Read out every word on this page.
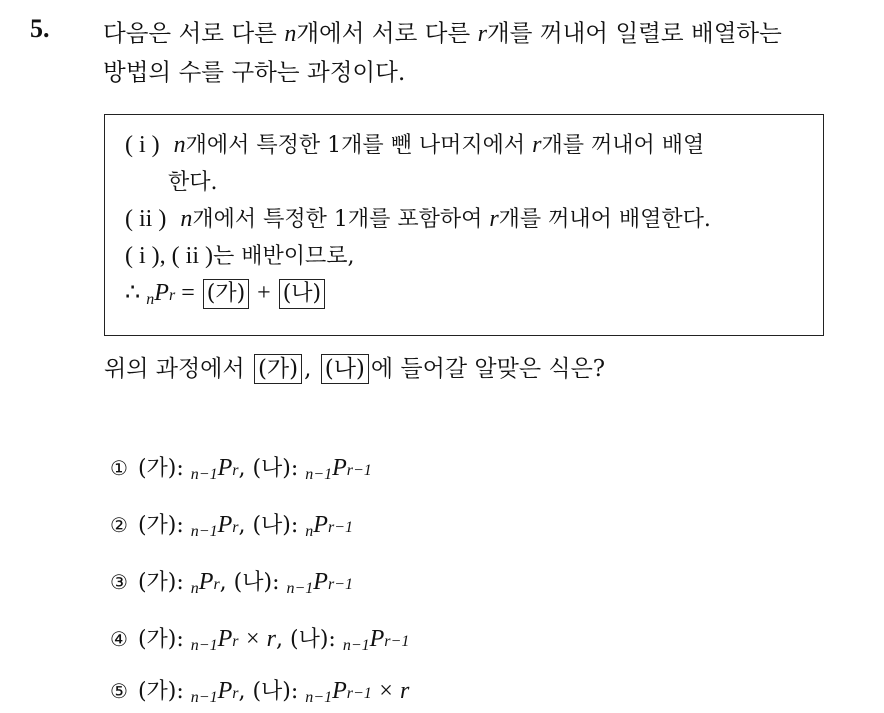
5. 다음은 서로 다른 n개에서 서로 다른 r개를 꺼내어 일렬로 배열하는
방법의 수를 구하는 과정이다.
( i ) n개에서 특정한 1개를 뺀 나머지에서 r개를 꺼내어 배열
한다.
( ii ) n개에서 특정한 1개를 포함하여 r개를 꺼내어 배열한다.
( i ), ( ii )는 배반이므로,
∴ nPr = (가) + (나)
위의 과정에서 (가) , (나) 에 들어갈 알맞은 식은?
① (가): n−1Pr, (나): n−1Pr−1
② (가): n−1Pr, (나): nPr−1
③ (가): nPr, (나): n−1Pr−1
④ (가): n−1Pr × r, (나): n−1Pr−1
⑤ (가): n−1Pr, (나): n−1Pr−1 × r
